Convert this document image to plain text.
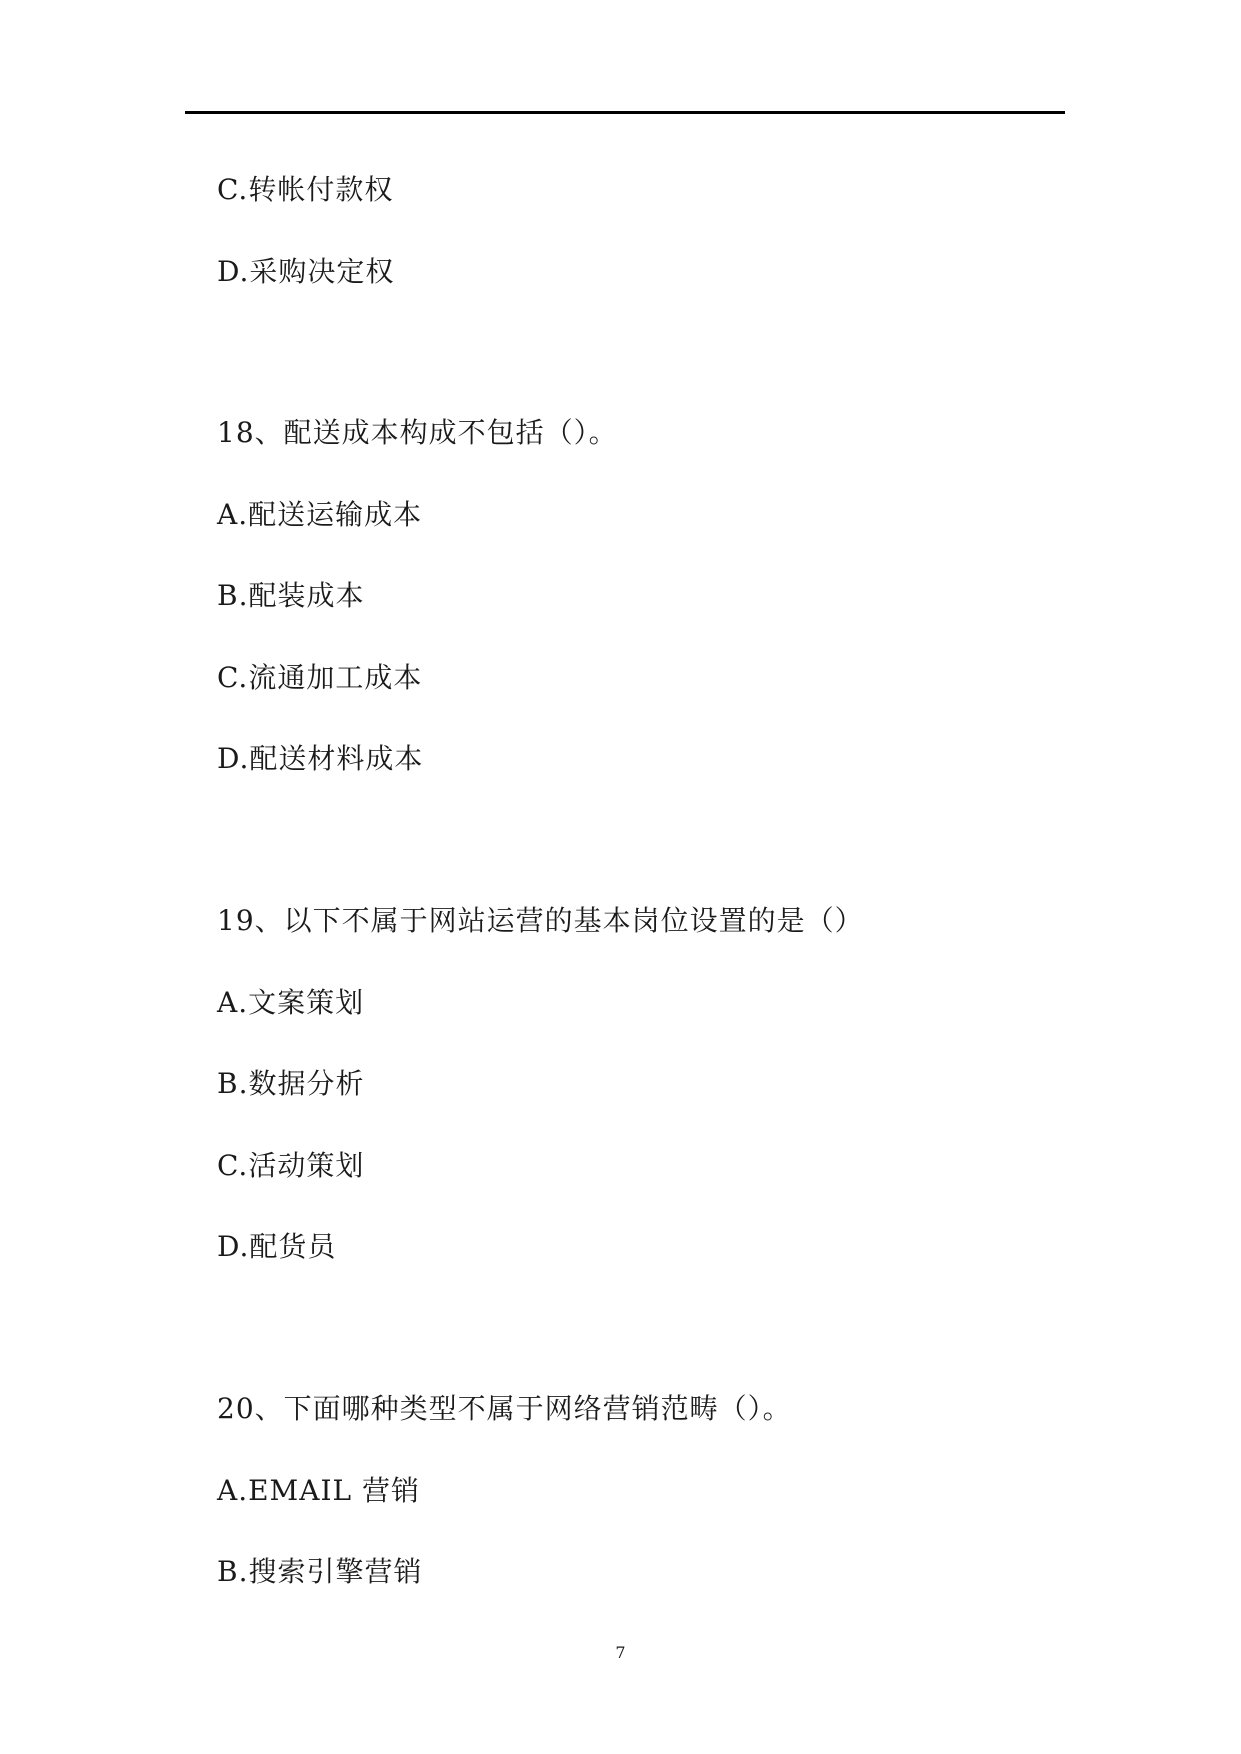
C.转帐付款权
D.采购决定权
18、配送成本构成不包括（）。
A.配送运输成本
B.配装成本
C.流通加工成本
D.配送材料成本
19、以下不属于网站运营的基本岗位设置的是（）
A.文案策划
B.数据分析
C.活动策划
D.配货员
20、下面哪种类型不属于网络营销范畴（）。
A.EMAIL 营销
B.搜索引擎营销
7
